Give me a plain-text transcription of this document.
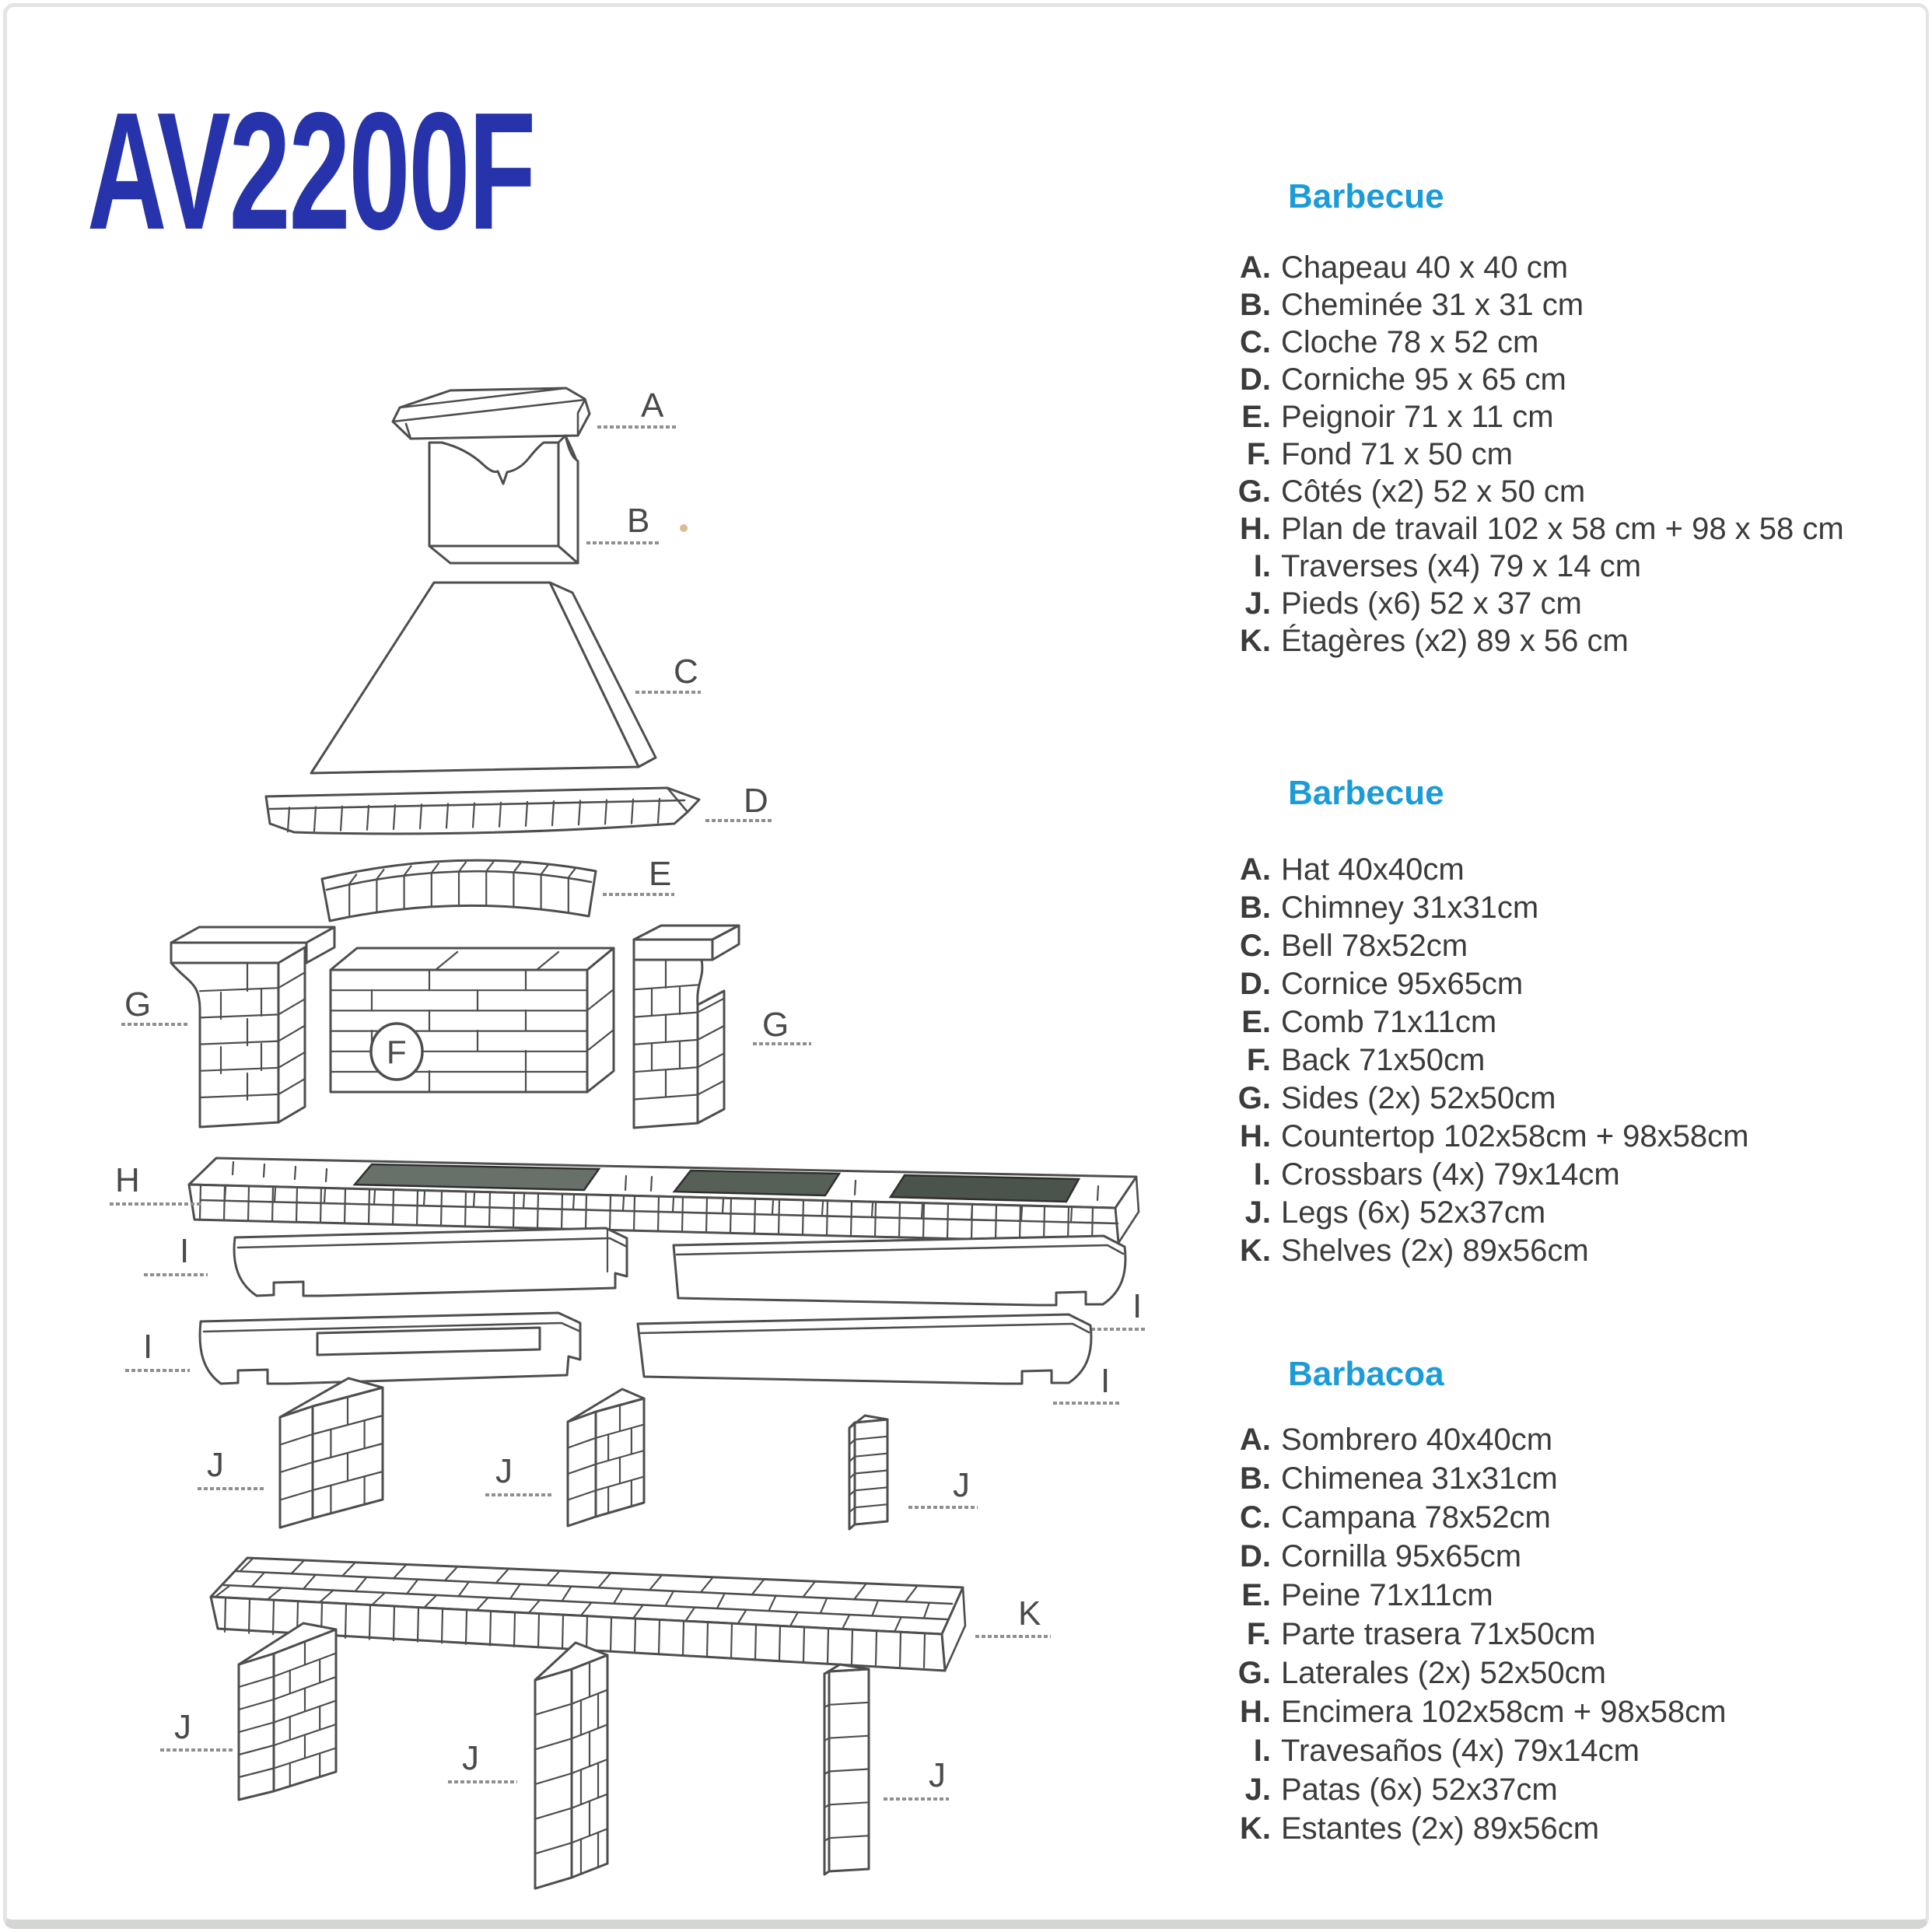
AV2200F
A
B
C
D
E
G
F
G
H
I
I
I
I
J	J	J
K
J
J	J
Barbecue
A. Chapeau 40 x 40 cm
B. Cheminée 31 x 31 cm
C. Cloche 78 x 52 cm
D. Corniche 95 x 65 cm
E. Peignoir 71 x 11 cm
F. Fond 71 x 50 cm
G. Côtés (x2) 52 x 50 cm
H. Plan de travail 102 x 58 cm + 98 x 58 cm
I. Traverses (x4) 79 x 14 cm
J. Pieds (x6) 52 x 37 cm
K. Étagères (x2) 89 x 56 cm
Barbecue
A. Hat 40x40cm
B. Chimney 31x31cm
C. Bell 78x52cm
D. Cornice 95x65cm
E. Comb 71x11cm
F. Back 71x50cm
G. Sides (2x) 52x50cm
H. Countertop 102x58cm + 98x58cm
I. Crossbars (4x) 79x14cm
J. Legs (6x) 52x37cm
K. Shelves (2x) 89x56cm
Barbacoa
A. Sombrero 40x40cm
B. Chimenea 31x31cm
C. Campana 78x52cm
D. Cornilla 95x65cm
E. Peine 71x11cm
F. Parte trasera 71x50cm
G. Laterales (2x) 52x50cm
H. Encimera 102x58cm + 98x58cm
I. Travesaños (4x) 79x14cm
J. Patas (6x) 52x37cm
K. Estantes (2x) 89x56cm
